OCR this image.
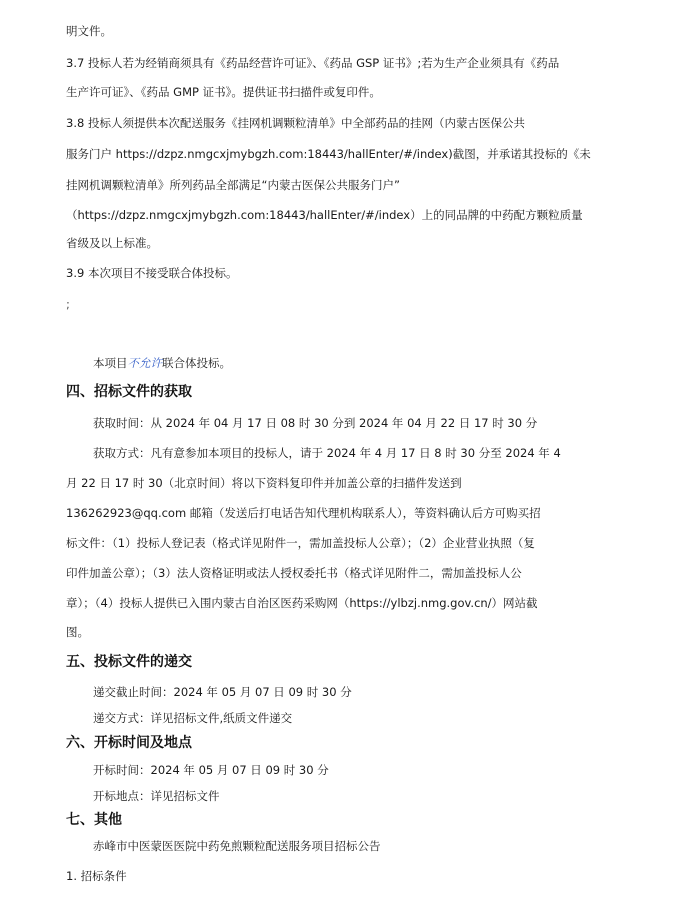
明文件。
3.7 投标人若为经销商须具有《药品经营许可证》、《药品 GSP 证书》;若为生产企业须具有《药品
生产许可证》、《药品 GMP 证书》。提供证书扫描件或复印件。
3.8 投标人须提供本次配送服务《挂网机调颗粒清单》中全部药品的挂网（内蒙古医保公共
服务门户 https://dzpz.nmgcxjmybgzh.com:18443/hallEnter/#/index)截图，并承诺其投标的《未
挂网机调颗粒清单》所列药品全部满足“内蒙古医保公共服务门户”
（https://dzpz.nmgcxjmybgzh.com:18443/hallEnter/#/index）上的同品牌的中药配方颗粒质量
省级及以上标准。
3.9 本次项目不接受联合体投标。
;
本项目不允许联合体投标。
四、招标文件的获取
获取时间：从 2024 年 04 月 17 日 08 时 30 分到 2024 年 04 月 22 日 17 时 30 分
获取方式：凡有意参加本项目的投标人，请于 2024 年 4 月 17 日 8 时 30 分至 2024 年 4
月 22 日 17 时 30（北京时间）将以下资料复印件并加盖公章的扫描件发送到
136262923@qq.com 邮箱（发送后打电话告知代理机构联系人），等资料确认后方可购买招
标文件：（1）投标人登记表（格式详见附件一，需加盖投标人公章）；（2）企业营业执照（复
印件加盖公章）；（3）法人资格证明或法人授权委托书（格式详见附件二，需加盖投标人公
章）；（4）投标人提供已入围内蒙古自治区医药采购网（https://ylbzj.nmg.gov.cn/）网站截
图。
五、投标文件的递交
递交截止时间：2024 年 05 月 07 日 09 时 30 分
递交方式：详见招标文件,纸质文件递交
六、开标时间及地点
开标时间：2024 年 05 月 07 日 09 时 30 分
开标地点：详见招标文件
七、其他
赤峰市中医蒙医医院中药免煎颗粒配送服务项目招标公告
1. 招标条件
